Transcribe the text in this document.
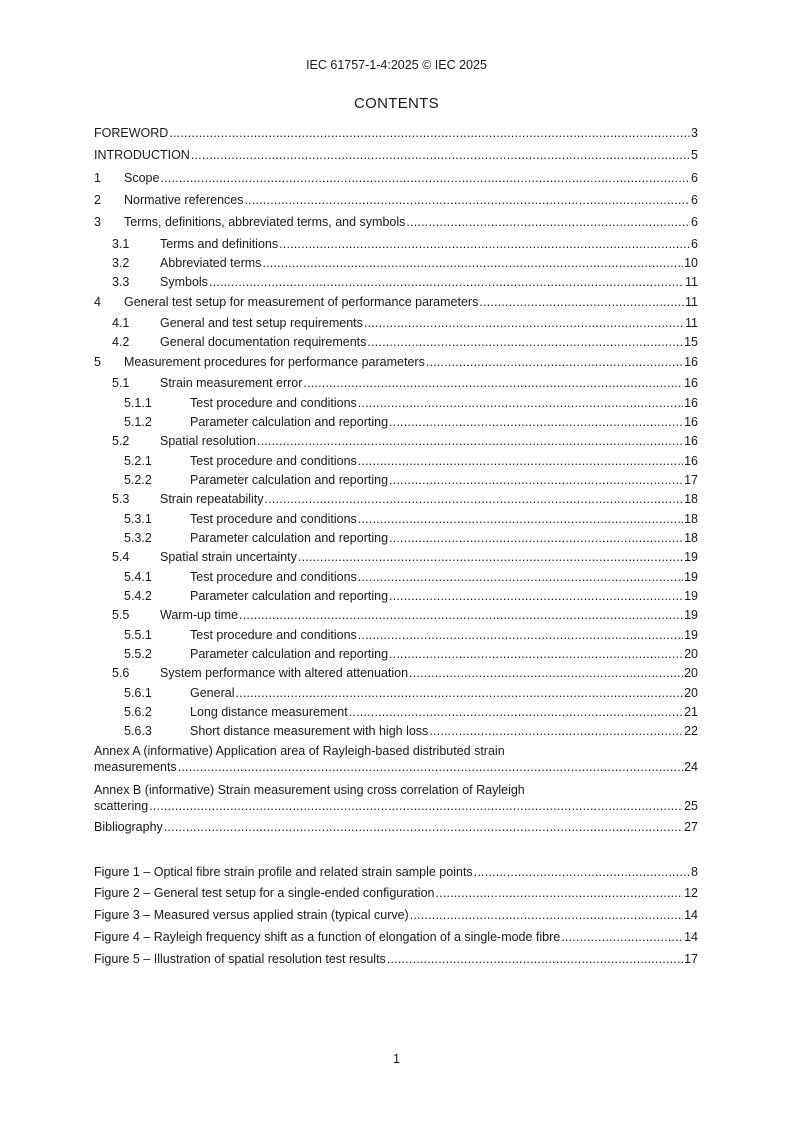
IEC 61757-1-4:2025 © IEC 2025
CONTENTS
FOREWORD .....	3
INTRODUCTION .....	5
1	Scope .....	6
2	Normative references .....	6
3	Terms, definitions, abbreviated terms, and symbols .....	6
3.1	Terms and definitions .....	6
3.2	Abbreviated terms .....	10
3.3	Symbols .....	11
4	General test setup for measurement of performance parameters .....	11
4.1	General and test setup requirements .....	11
4.2	General documentation requirements .....	15
5	Measurement procedures for performance parameters .....	16
5.1	Strain measurement error .....	16
5.1.1	Test procedure and conditions .....	16
5.1.2	Parameter calculation and reporting .....	16
5.2	Spatial resolution .....	16
5.2.1	Test procedure and conditions .....	16
5.2.2	Parameter calculation and reporting .....	17
5.3	Strain repeatability .....	18
5.3.1	Test procedure and conditions .....	18
5.3.2	Parameter calculation and reporting .....	18
5.4	Spatial strain uncertainty .....	19
5.4.1	Test procedure and conditions .....	19
5.4.2	Parameter calculation and reporting .....	19
5.5	Warm-up time .....	19
5.5.1	Test procedure and conditions .....	19
5.5.2	Parameter calculation and reporting .....	20
5.6	System performance with altered attenuation .....	20
5.6.1	General .....	20
5.6.2	Long distance measurement .....	21
5.6.3	Short distance measurement with high loss .....	22
Annex A (informative) Application area of Rayleigh-based distributed strain
measurements .....	24
Annex B (informative) Strain measurement using cross correlation of Rayleigh
scattering .....	25
Bibliography .....	27
Figure 1 – Optical fibre strain profile and related strain sample points .....	8
Figure 2 – General test setup for a single-ended configuration .....	12
Figure 3 – Measured versus applied strain (typical curve) .....	14
Figure 4 – Rayleigh frequency shift as a function of elongation of a single-mode fibre .....	14
Figure 5 – Illustration of spatial resolution test results .....	17
1
